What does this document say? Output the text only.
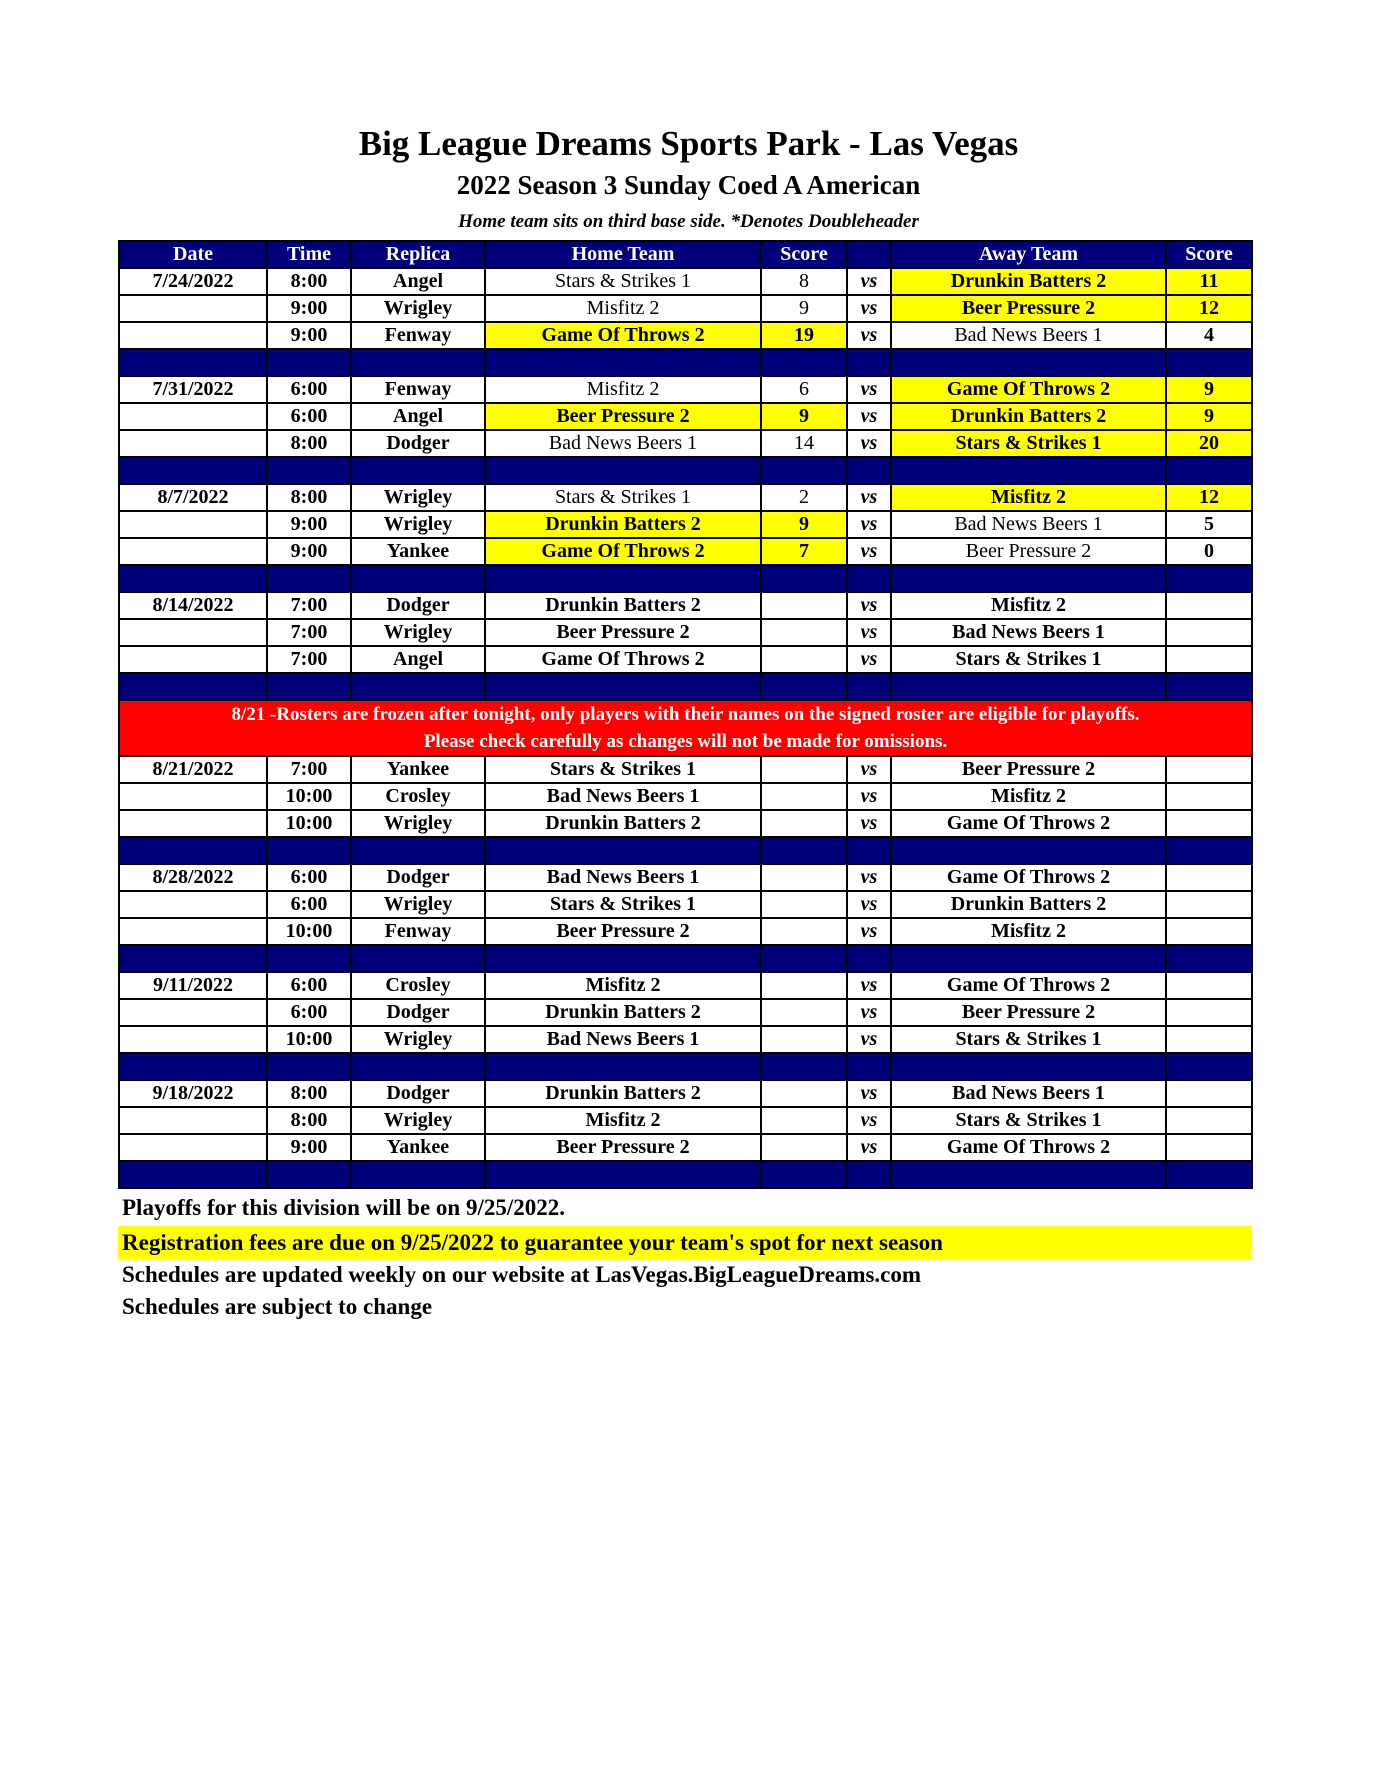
Big League Dreams Sports Park - Las Vegas
2022 Season 3 Sunday Coed A American
Home team sits on third base side. *Denotes Doubleheader
Date	Time	Replica	Home Team	Score		Away Team	Score
7/24/2022	8:00	Angel	Stars & Strikes 1	8	vs	Drunkin Batters 2	11
	9:00	Wrigley	Misfitz 2	9	vs	Beer Pressure 2	12
	9:00	Fenway	Game Of Throws 2	19	vs	Bad News Beers 1	4

7/31/2022	6:00	Fenway	Misfitz 2	6	vs	Game Of Throws 2	9
	6:00	Angel	Beer Pressure 2	9	vs	Drunkin Batters 2	9
	8:00	Dodger	Bad News Beers 1	14	vs	Stars & Strikes 1	20

8/7/2022	8:00	Wrigley	Stars & Strikes 1	2	vs	Misfitz 2	12
	9:00	Wrigley	Drunkin Batters 2	9	vs	Bad News Beers 1	5
	9:00	Yankee	Game Of Throws 2	7	vs	Beer Pressure 2	0

8/14/2022	7:00	Dodger	Drunkin Batters 2		vs	Misfitz 2	
	7:00	Wrigley	Beer Pressure 2		vs	Bad News Beers 1	
	7:00	Angel	Game Of Throws 2		vs	Stars & Strikes 1	

8/21 -Rosters are frozen after tonight, only players with their names on the signed roster are eligible for playoffs.
Please check carefully as changes will not be made for omissions.							

8/21/2022	7:00	Yankee	Stars & Strikes 1		vs	Beer Pressure 2	
	10:00	Crosley	Bad News Beers 1		vs	Misfitz 2	
	10:00	Wrigley	Drunkin Batters 2		vs	Game Of Throws 2	

8/28/2022	6:00	Dodger	Bad News Beers 1		vs	Game Of Throws 2	
	6:00	Wrigley	Stars & Strikes 1		vs	Drunkin Batters 2	
	10:00	Fenway	Beer Pressure 2		vs	Misfitz 2	

9/11/2022	6:00	Crosley	Misfitz 2		vs	Game Of Throws 2	
	6:00	Dodger	Drunkin Batters 2		vs	Beer Pressure 2	
	10:00	Wrigley	Bad News Beers 1		vs	Stars & Strikes 1	

9/18/2022	8:00	Dodger	Drunkin Batters 2		vs	Bad News Beers 1	
	8:00	Wrigley	Misfitz 2		vs	Stars & Strikes 1	
	9:00	Yankee	Beer Pressure 2		vs	Game Of Throws 2	

Playoffs for this division will be on 9/25/2022.
Registration fees are due on 9/25/2022 to guarantee your team's spot for next season
Schedules are updated weekly on our website at LasVegas.BigLeagueDreams.com
Schedules are subject to change
